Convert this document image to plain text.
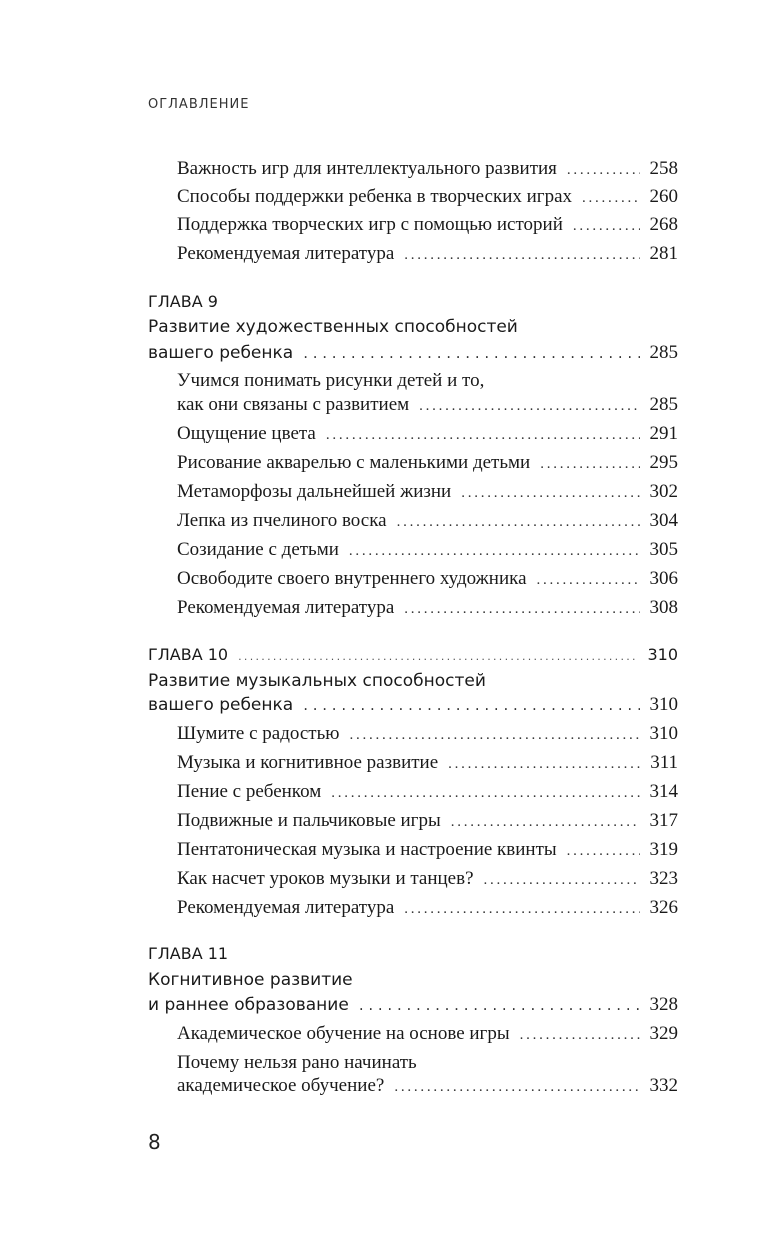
ОГЛАВЛЕНИЕ
Важность игр для интеллектуального развития . . .	258
Способы поддержки ребенка в творческих играх . . .	260
Поддержка творческих игр с помощью историй . . .	268
Рекомендуемая литература . . .	281
ГЛАВА 9
Развитие художественных способностей
вашего ребенка . . .	285
Учимся понимать рисунки детей и то,
как они связаны с развитием . . .	285
Ощущение цвета . . .	291
Рисование акварелью с маленькими детьми . . .	295
Метаморфозы дальнейшей жизни . . .	302
Лепка из пчелиного воска . . .	304
Созидание с детьми . . .	305
Освободите своего внутреннего художника . . .	306
Рекомендуемая литература . . .	308
ГЛАВА 10 . . .	310
Развитие музыкальных способностей
вашего ребенка . . .	310
Шумите с радостью . . .	310
Музыка и когнитивное развитие . . .	311
Пение с ребенком . . .	314
Подвижные и пальчиковые игры . . .	317
Пентатоническая музыка и настроение квинты . . .	319
Как насчет уроков музыки и танцев? . . .	323
Рекомендуемая литература . . .	326
ГЛАВА 11
Когнитивное развитие
и раннее образование . . .	328
Академическое обучение на основе игры . . .	329
Почему нельзя рано начинать
академическое обучение? . . .	332
8
